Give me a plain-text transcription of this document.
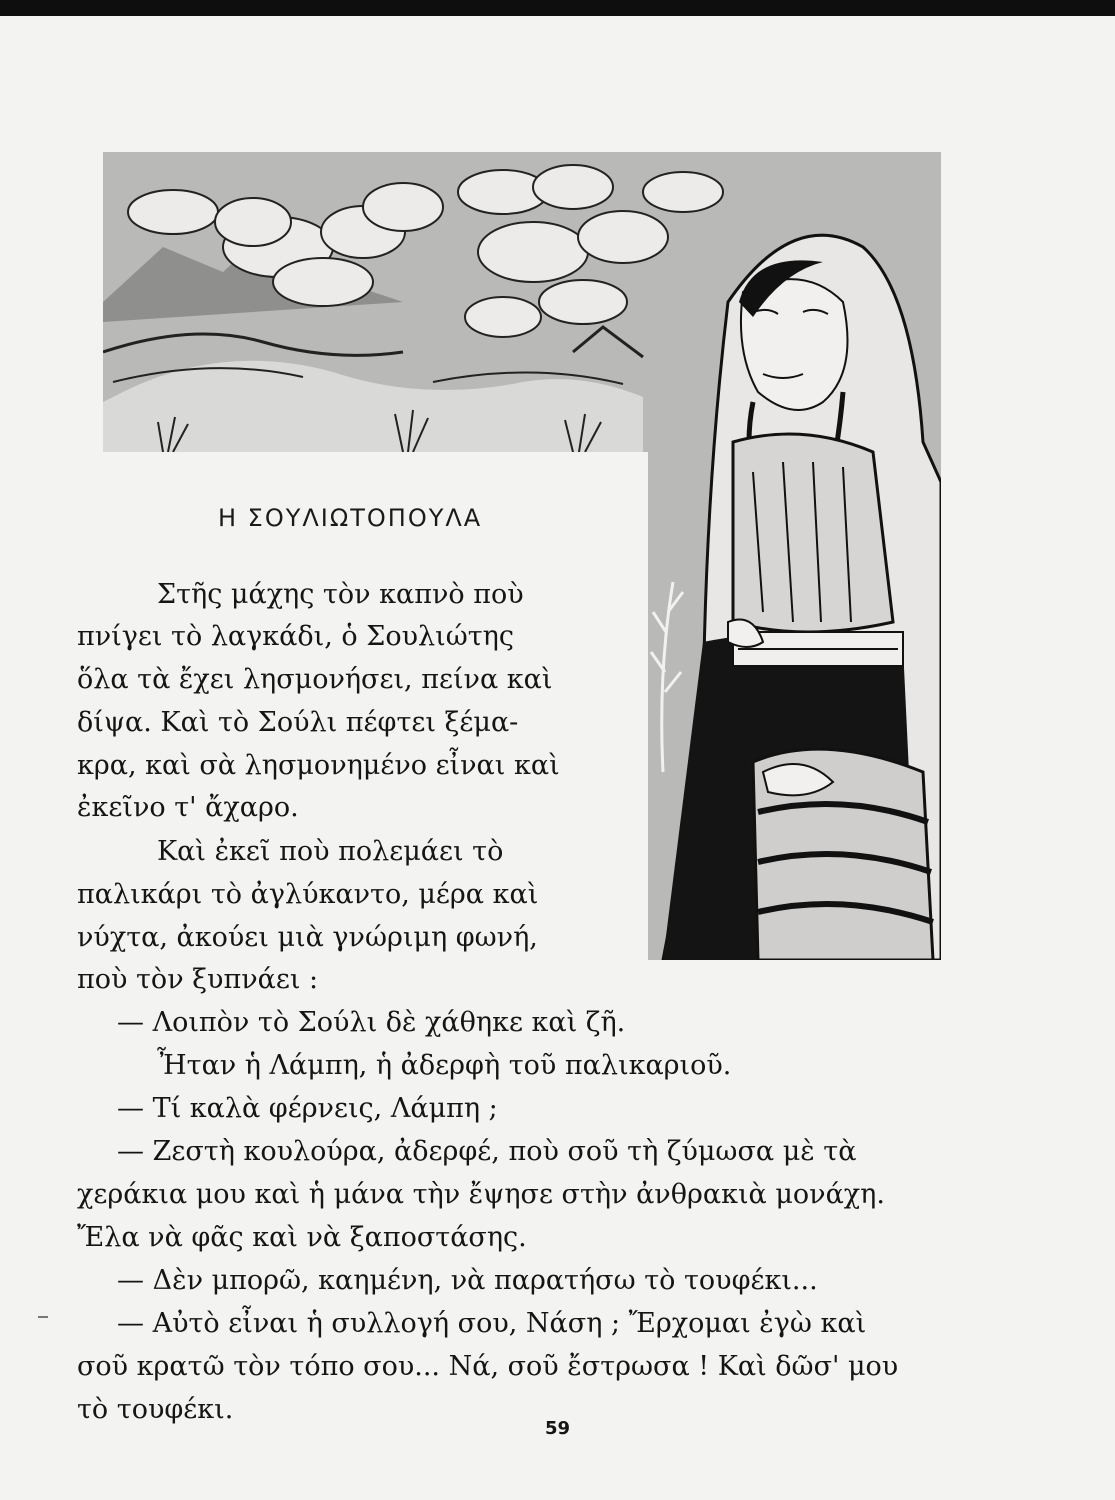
Η ΣΟΥΛΙΩΤΟΠΟΥΛΑ
Στῆς μάχης τὸν καπνὸ ποὺ
πνίγει τὸ λαγκάδι, ὁ Σουλιώτης
ὅλα τὰ ἔχει λησμονήσει, πείνα καὶ
δίψα. Καὶ τὸ Σούλι πέφτει ξέμα-
κρα, καὶ σὰ λησμονημένο εἶναι καὶ
ἐκεῖνο τ' ἄχαρο.
Καὶ ἐκεῖ ποὺ πολεμάει τὸ
παλικάρι τὸ ἀγλύκαντο, μέρα καὶ
νύχτα, ἀκούει μιὰ γνώριμη φωνή,
ποὺ τὸν ξυπνάει :
— Λοιπὸν τὸ Σούλι δὲ χάθηκε καὶ ζῆ.
Ἦταν ἡ Λάμπη, ἡ ἀδερφὴ τοῦ παλικαριοῦ.
— Τί καλὰ φέρνεις, Λάμπη ;
— Ζεστὴ κουλούρα, ἀδερφέ, ποὺ σοῦ τὴ ζύμωσα μὲ τὰ
χεράκια μου καὶ ἡ μάνα τὴν ἔψησε στὴν ἀνθρακιὰ μονάχη.
Ἔλα νὰ φᾶς καὶ νὰ ξαποστάσης.
— Δὲν μπορῶ, καημένη, νὰ παρατήσω τὸ τουφέκι...
— Αὐτὸ εἶναι ἡ συλλογή σου, Νάση ; Ἔρχομαι ἐγὼ καὶ
σοῦ κρατῶ τὸν τόπο σου... Νά, σοῦ ἔστρωσα ! Καὶ δῶσ' μου
τὸ τουφέκι.
59
